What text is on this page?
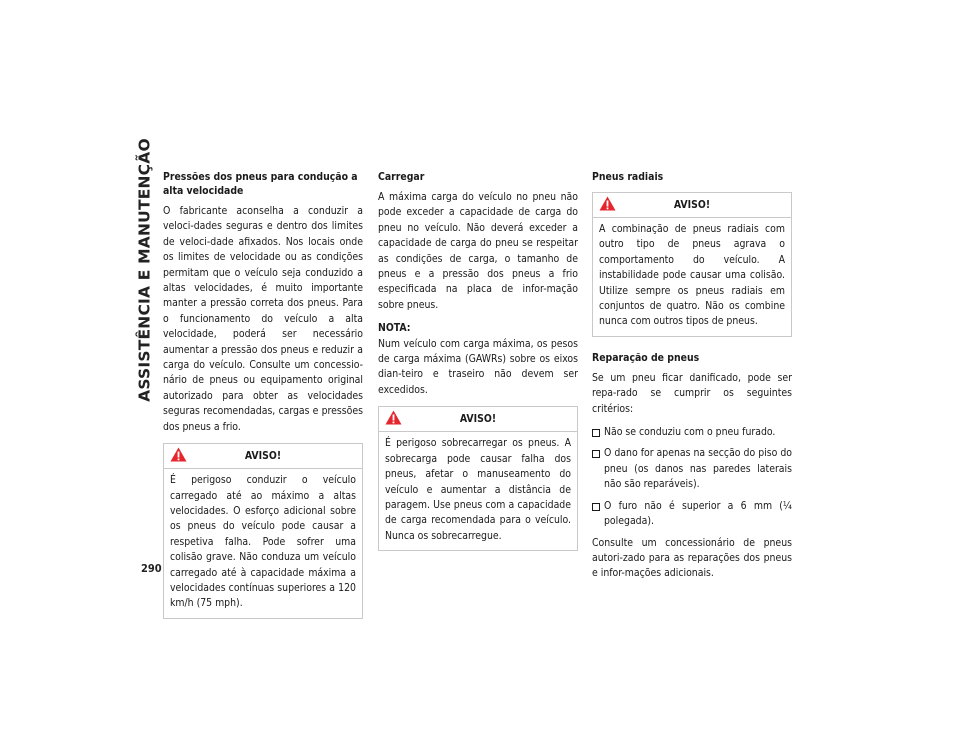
ASSISTÊNCIA E MANUTENÇÃO
290
Pressões dos pneus para condução a alta velocidade

O fabricante aconselha a conduzir a veloci-dades seguras e dentro dos limites de veloci-dade afixados. Nos locais onde os limites de velocidade ou as condições permitam que o veículo seja conduzido a altas velocidades, é muito importante manter a pressão correta dos pneus. Para o funcionamento do veículo a alta velocidade, poderá ser necessário aumentar a pressão dos pneus e reduzir a carga do veículo. Consulte um concessio-nário de pneus ou equipamento original autorizado para obter as velocidades seguras recomendadas, cargas e pressões dos pneus a frio.

AVISO!

É perigoso conduzir o veículo carregado até ao máximo a altas velocidades. O esforço adicional sobre os pneus do veículo pode causar a respetiva falha. Pode sofrer uma colisão grave. Não conduza um veículo carregado até à capacidade máxima a velocidades contínuas superiores a 120 km/h (75 mph).

Carregar

A máxima carga do veículo no pneu não pode exceder a capacidade de carga do pneu no veículo. Não deverá exceder a capacidade de carga do pneu se respeitar as condições de carga, o tamanho de pneus e a pressão dos pneus a frio especificada na placa de infor-mação sobre pneus.

NOTA:
Num veículo com carga máxima, os pesos de carga máxima (GAWRs) sobre os eixos dian-teiro e traseiro não devem ser excedidos.

AVISO!

É perigoso sobrecarregar os pneus. A sobrecarga pode causar falha dos pneus, afetar o manuseamento do veículo e aumentar a distância de paragem. Use pneus com a capacidade de carga recomendada para o veículo. Nunca os sobrecarregue.

Pneus radiais
AVISO!

A combinação de pneus radiais com outro tipo de pneus agrava o comportamento do veículo. A instabilidade pode causar uma colisão. Utilize sempre os pneus radiais em conjuntos de quatro. Não os combine nunca com outros tipos de pneus.

Reparação de pneus

Se um pneu ficar danificado, pode ser repa-rado se cumprir os seguintes critérios:

Não se conduziu com o pneu furado.
O dano for apenas na secção do piso do pneu (os danos nas paredes laterais não são reparáveis).
O furo não é superior a 6 mm (¼ polegada).

Consulte um concessionário de pneus autori-zado para as reparações dos pneus e infor-mações adicionais.
